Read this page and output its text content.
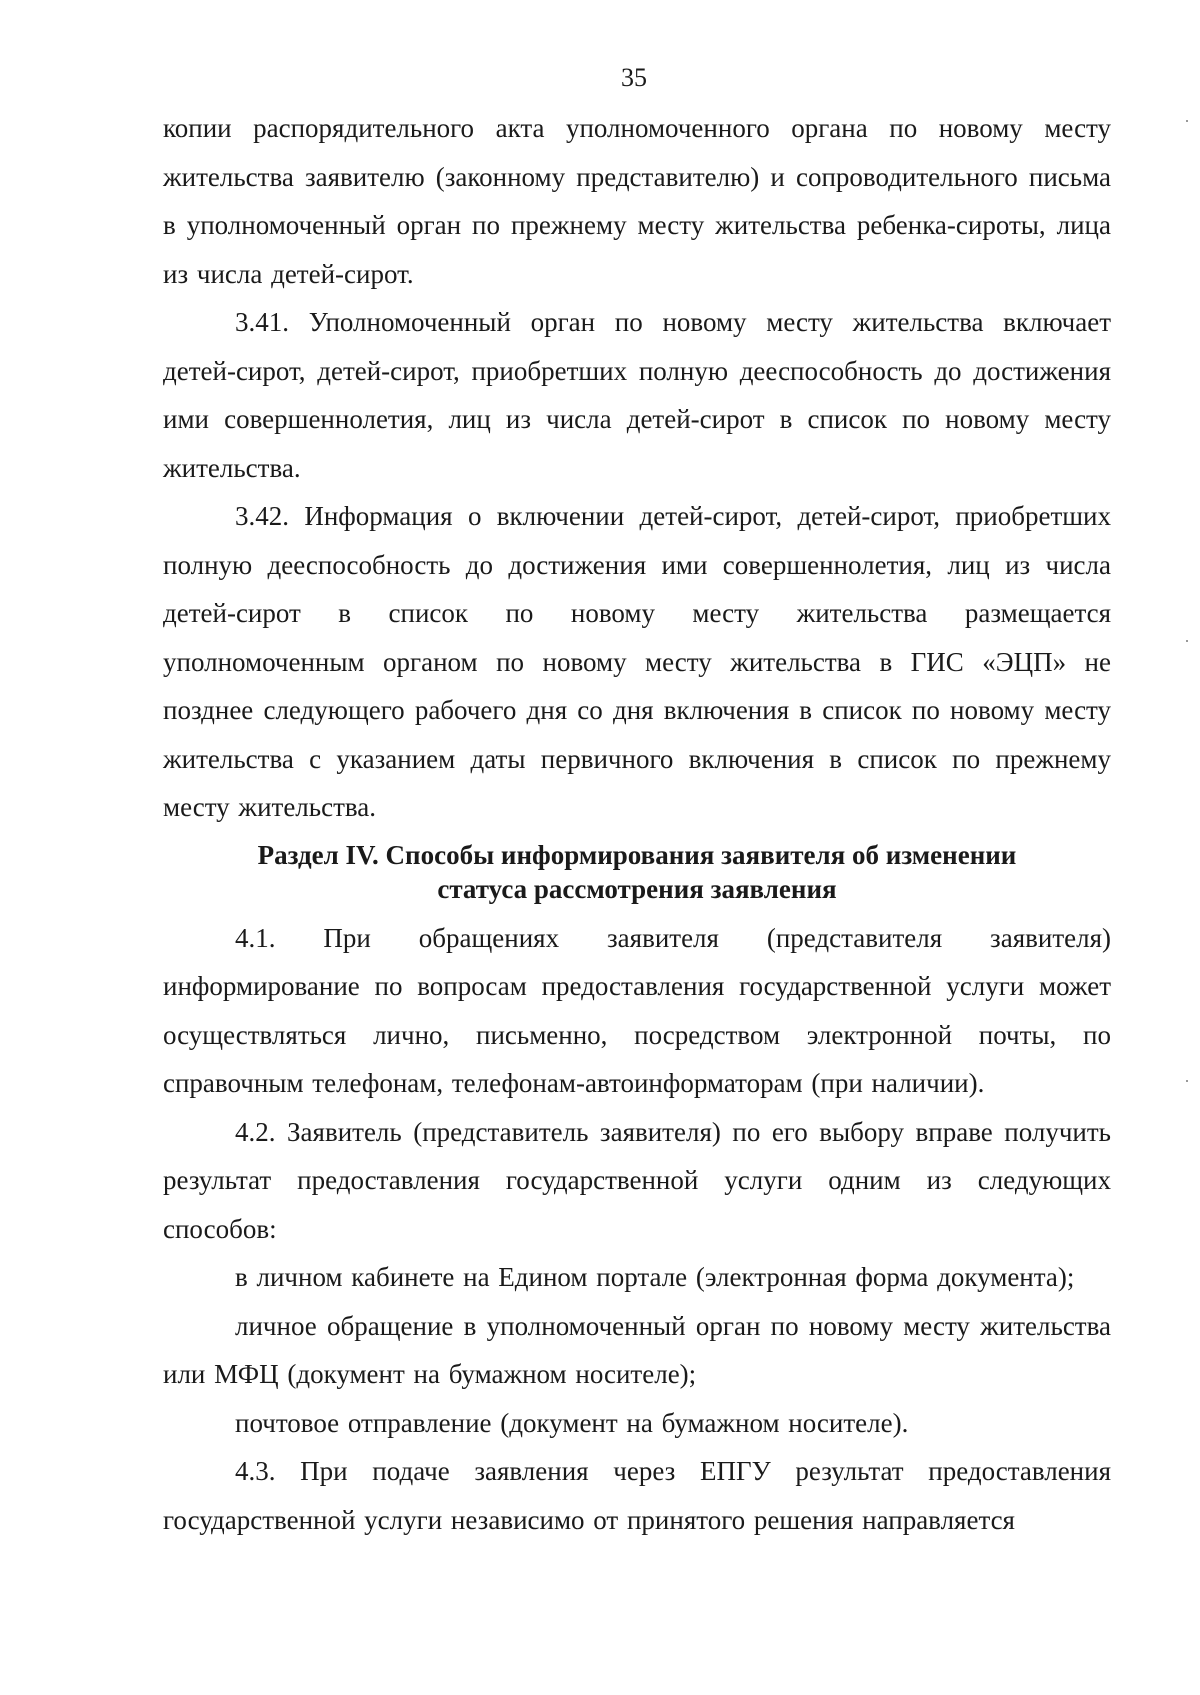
35

копии распорядительного акта уполномоченного органа по новому месту жительства заявителю (законному представителю) и сопроводительного письма в уполномоченный орган по прежнему месту жительства ребенка-сироты, лица из числа детей-сирот.

3.41. Уполномоченный орган по новому месту жительства включает детей-сирот, детей-сирот, приобретших полную дееспособность до достижения ими совершеннолетия, лиц из числа детей-сирот в список по новому месту жительства.

3.42. Информация о включении детей-сирот, детей-сирот, приобретших полную дееспособность до достижения ими совершеннолетия, лиц из числа детей-сирот в список по новому месту жительства размещается уполномоченным органом по новому месту жительства в ГИС «ЭЦП» не позднее следующего рабочего дня со дня включения в список по новому месту жительства с указанием даты первичного включения в список по прежнему месту жительства.

Раздел IV. Способы информирования заявителя об изменении
статуса рассмотрения заявления

4.1. При обращениях заявителя (представителя заявителя) информирование по вопросам предоставления государственной услуги может осуществляться лично, письменно, посредством электронной почты, по справочным телефонам, телефонам-автоинформаторам (при наличии).

4.2. Заявитель (представитель заявителя) по его выбору вправе получить результат предоставления государственной услуги одним из следующих способов:

в личном кабинете на Едином портале (электронная форма документа);

личное обращение в уполномоченный орган по новому месту жительства или МФЦ (документ на бумажном носителе);

почтовое отправление (документ на бумажном носителе).

4.3. При подаче заявления через ЕПГУ результат предоставления государственной услуги независимо от принятого решения направляется
